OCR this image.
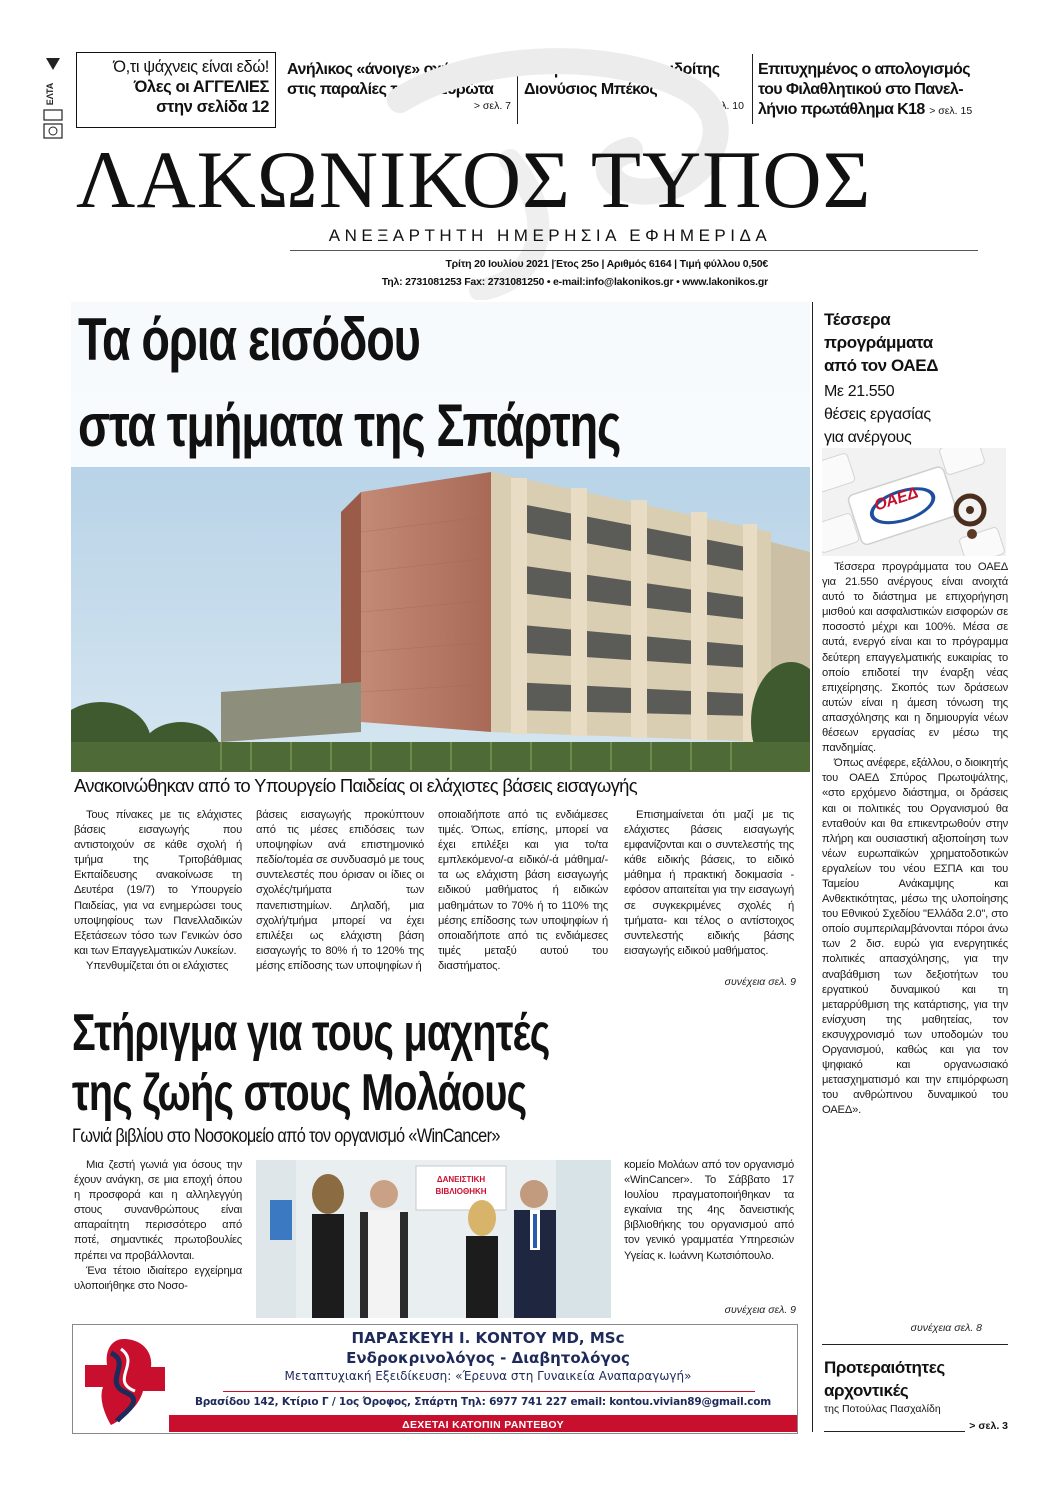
ΕΛΤΑ
Ό,τι ψάχνεις είναι εδώ!
Όλες οι ΑΓΓΕΛΙΕΣ
στην σελίδα 12
Ανήλικος «άνοιγε» οχήματα
στις παραλίες του Δ. Ευρώτα
> σελ. 7
Απεβίωσε ο αρχιμανδρίτης
Διονύσιος Μπέκος
> σελ. 10
Επιτυχημένος ο απολογισμός
του Φιλαθλητικού στο Πανελ-
λήνιο πρωτάθλημα Κ18 > σελ. 15
ΛΑΚΩΝΙΚΟΣ ΤΥΠΟΣ
ΑΝΕΞΑΡΤΗΤΗ ΗΜΕΡΗΣΙΑ ΕΦΗΜΕΡΙΔΑ
Τρίτη 20 Ιουλίου 2021 |Έτος 25ο | Αριθμός 6164 | Τιμή φύλλου 0,50€
Τηλ: 2731081253 Fax: 2731081250 • e-mail:info@lakonikos.gr • www.lakonikos.gr
Τα όρια εισόδου
στα τμήματα της Σπάρτης
Ανακοινώθηκαν από το Υπουργείο Παιδείας οι ελάχιστες βάσεις εισαγωγής

Τους πίνακες με τις ελάχιστες βάσεις εισαγωγής που αντιστοιχούν σε κάθε σχολή ή τμήμα της Τριτοβάθμιας Εκπαίδευσης ανακοίνωσε τη Δευτέρα (19/7) το Υπουργείο Παιδείας, για να ενημερώσει τους υποψηφίους των Πανελλαδικών Εξετάσεων τόσο των Γενικών όσο και των Επαγγελματικών Λυκείων.

Υπενθυμίζεται ότι οι ελάχιστες

βάσεις εισαγωγής προκύπτουν από τις μέσες επιδόσεις των υποψηφίων ανά επιστημονικό πεδίο/τομέα σε συνδυασμό με τους συντελεστές που όρισαν οι ίδιες οι σχολές/τμήματα των πανεπιστημίων. Δηλαδή, μια σχολή/τμήμα μπορεί να έχει επιλέξει ως ελάχιστη βάση εισαγωγής το 80% ή το 120% της μέσης επίδοσης των υποψηφίων ή

οποιαδήποτε από τις ενδιάμεσες τιμές. Όπως, επίσης, μπορεί να έχει επιλέξει και για το/τα εμπλεκόμενο/-α ειδικό/-ά μάθημα/-τα ως ελάχιστη βάση εισαγωγής ειδικού μαθήματος ή ειδικών μαθημάτων το 70% ή το 110% της μέσης επίδοσης των υποψηφίων ή οποιαδήποτε από τις ενδιάμεσες τιμές μεταξύ αυτού του διαστήματος.

Επισημαίνεται ότι μαζί με τις ελάχιστες βάσεις εισαγωγής εμφανίζονται και ο συντελεστής της κάθε ειδικής βάσεις, το ειδικό μάθημα ή πρακτική δοκιμασία - εφόσον απαιτείται για την εισαγωγή σε συγκεκριμένες σχολές ή τμήματα- και τέλος ο αντίστοιχος συντελεστής ειδικής βάσης εισαγωγής ειδικού μαθήματος.

συνέχεια σελ. 9
Στήριγμα για τους μαχητές
της ζωής στους Μολάους
Γωνιά βιβλίου στο Νοσοκομείο από τον οργανισμό «WinCancer»

Μια ζεστή γωνιά για όσους την έχουν ανάγκη, σε μια εποχή όπου η προσφορά και η αλληλεγγύη στους συνανθρώπους είναι απαραίτητη περισσότερο από ποτέ, σημαντικές πρωτοβουλίες πρέπει να προβάλλονται.

Ένα τέτοιο ιδιαίτερο εγχείρημα υλοποιήθηκε στο Νοσο-

ΔΑΝΕΙΣΤΙΚΗ
ΒΙΒΛΙΟΘΗΚΗ

κομείο Μολάων από τον οργανισμό «WinCancer». Το Σάββατο 17 Ιουλίου πραγματοποιήθηκαν τα εγκαίνια της 4ης δανειστικής βιβλιοθήκης του οργανισμού από τον γενικό γραμματέα Υπηρεσιών Υγείας κ. Ιωάννη Κωτσιόπουλο.

συνέχεια σελ. 9
Τέσσερα
προγράμματα
από τον ΟΑΕΔ
Με 21.550
θέσεις εργασίας
για ανέργους
ΟΑΕΔ

Τέσσερα προγράμματα του ΟΑΕΔ για 21.550 ανέργους είναι ανοιχτά αυτό το διάστημα με επιχορήγηση μισθού και ασφαλιστικών εισφορών σε ποσοστό μέχρι και 100%. Μέσα σε αυτά, ενεργό είναι και το πρόγραμμα δεύτερη επαγγελματικής ευκαιρίας το οποίο επιδοτεί την έναρξη νέας επιχείρησης. Σκοπός των δράσεων αυτών είναι η άμεση τόνωση της απασχόλησης και η δημιουργία νέων θέσεων εργασίας εν μέσω της πανδημίας.

Όπως ανέφερε, εξάλλου, ο διοικητής του ΟΑΕΔ Σπύρος Πρωτοψάλτης, «στο ερχόμενο διάστημα, οι δράσεις και οι πολιτικές του Οργανισμού θα ενταθούν και θα επικεντρωθούν στην πλήρη και ουσιαστική αξιοποίηση των νέων ευρωπαϊκών χρηματοδοτικών εργαλείων του νέου ΕΣΠΑ και του Ταμείου Ανάκαμψης και Ανθεκτικότητας, μέσω της υλοποίησης του Εθνικού Σχεδίου "Ελλάδα 2.0", στο οποίο συμπεριλαμβάνονται πόροι άνω των 2 δισ. ευρώ για ενεργητικές πολιτικές απασχόλησης, για την αναβάθμιση των δεξιοτήτων του εργατικού δυναμικού και τη μεταρρύθμιση της κατάρτισης, για την ενίσχυση της μαθητείας, τον εκσυγχρονισμό των υποδομών του Οργανισμού, καθώς και για τον ψηφιακό και οργανωσιακό μετασχηματισμό και την επιμόρφωση του ανθρώπινου δυναμικού του ΟΑΕΔ».

συνέχεια σελ. 8
Προτεραιότητες
αρχοντικές
της Ποτούλας Πασχαλίδη
> σελ. 3
ΠΑΡΑΣΚΕΥΗ Ι. ΚΟΝΤΟΥ MD, MSc
Ενδροκρινολόγος - Διαβητολόγος
Μεταπτυχιακή Εξειδίκευση: «Έρευνα στη Γυναικεία Αναπαραγωγή»
Βρασίδου 142, Κτίριο Γ / 1ος Όροφος, Σπάρτη Τηλ: 6977 741 227 email: kontou.vivian89@gmail.com
ΔΕΧΕΤΑΙ ΚΑΤΟΠΙΝ ΡΑΝΤΕΒΟΥ
